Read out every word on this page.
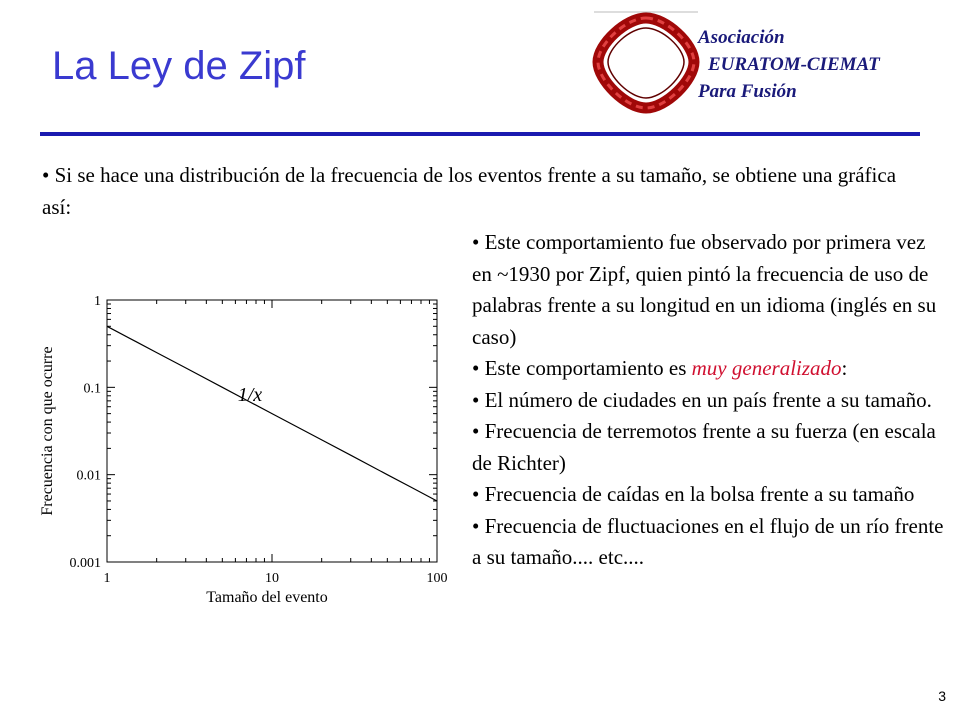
La Ley de Zipf
Asociación
EURATOM-CIEMAT
Para Fusión
• Si se hace una distribución de la frecuencia de los eventos frente a su tamaño, se obtiene una gráfica así:

• Este comportamiento fue observado por primera vez en ~1930 por Zipf, quien pintó la frecuencia de uso de palabras frente a su longitud en un idioma (inglés en su caso)

• Este comportamiento es muy generalizado:

• El número de ciudades en un país frente a su tamaño.

• Frecuencia de terremotos frente a su fuerza (en escala de Richter)

• Frecuencia de caídas en la bolsa frente a su tamaño

• Frecuencia de fluctuaciones en el flujo de un río frente a su tamaño.... etc....

1	10	100
1
0.1
0.01
0.001
Tamaño del evento
Frecuencia con que ocurre	1/x
3
